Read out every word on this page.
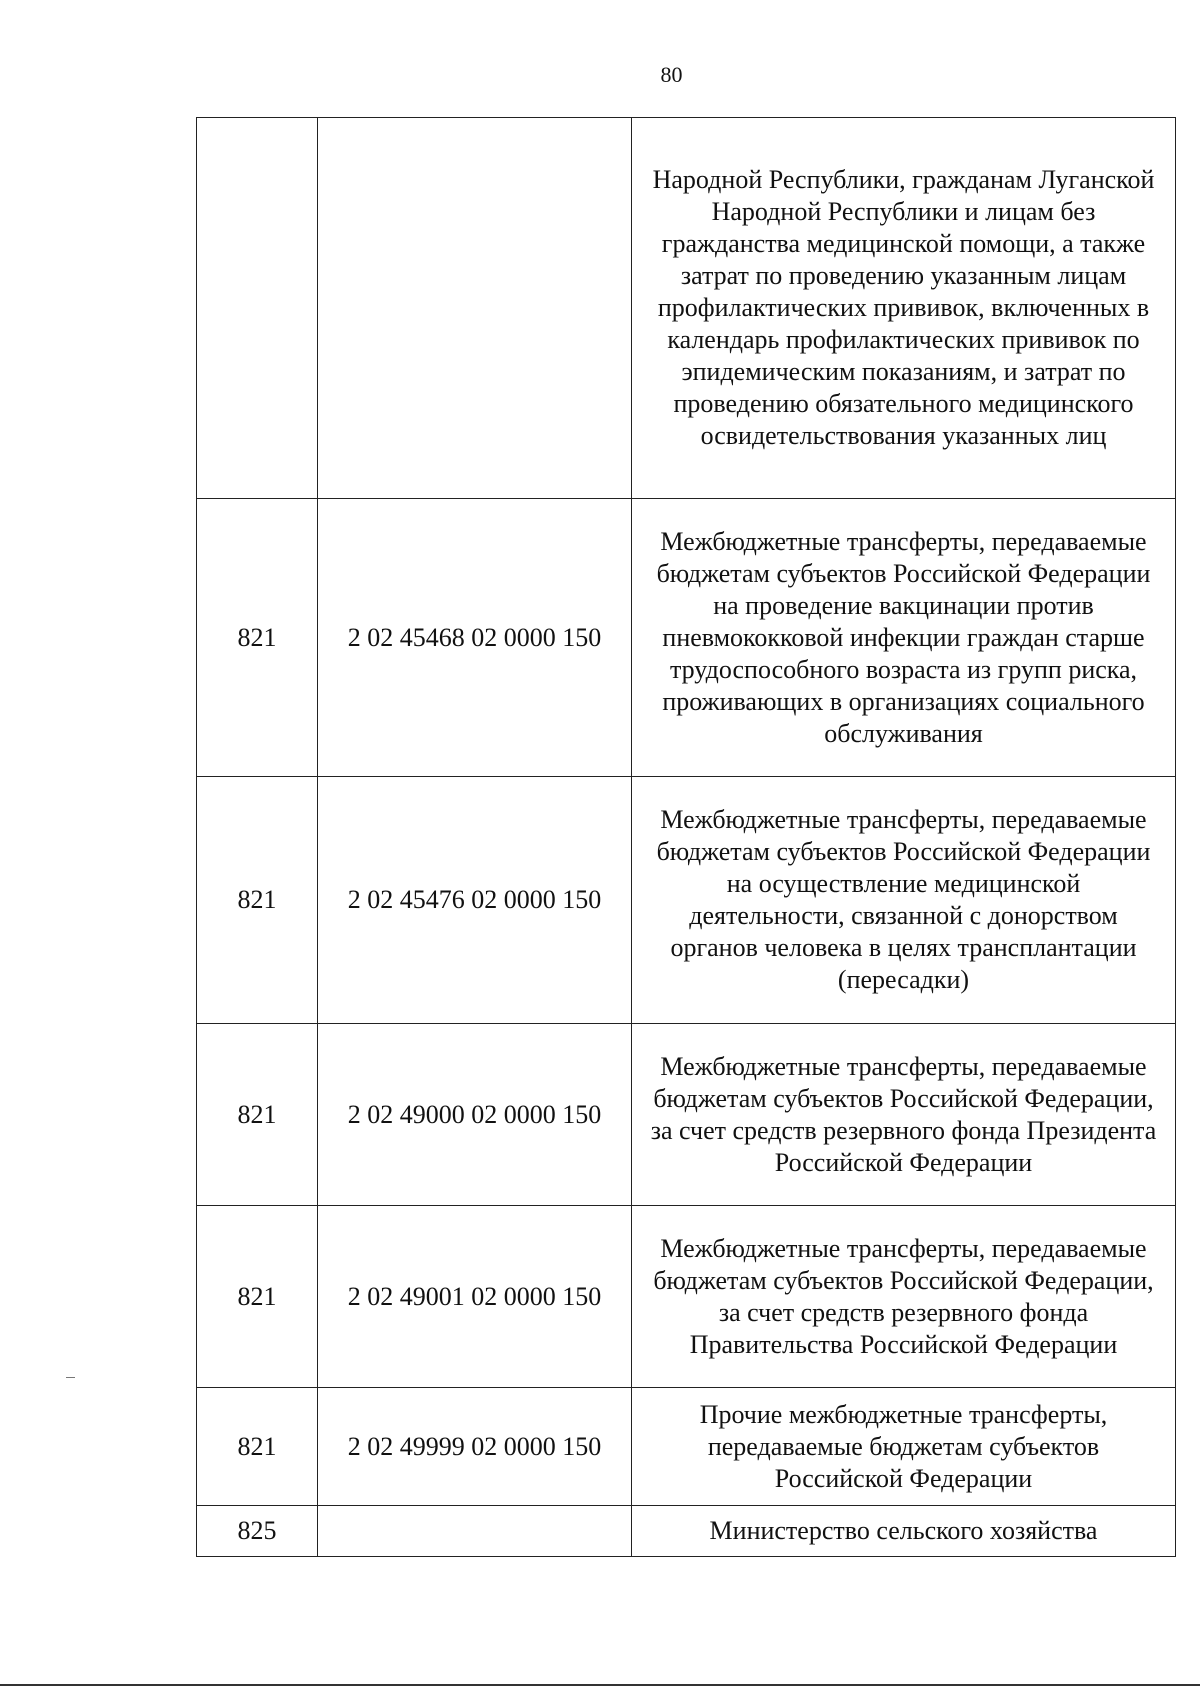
80
		Народной Республики, гражданам Луганской Народной Республики и лицам без гражданства медицинской помощи, а также затрат по проведению указанным лицам профилактических прививок, включенных в календарь профилактических прививок по эпидемическим показаниям, и затрат по проведению обязательного медицинского освидетельствования указанных лиц
821	2 02 45468 02 0000 150	Межбюджетные трансферты, передаваемые бюджетам субъектов Российской Федерации на проведение вакцинации против пневмококковой инфекции граждан старше трудоспособного возраста из групп риска, проживающих в организациях социального обслуживания
821	2 02 45476 02 0000 150	Межбюджетные трансферты, передаваемые бюджетам субъектов Российской Федерации на осуществление медицинской деятельности, связанной с донорством органов человека в целях трансплантации (пересадки)
821	2 02 49000 02 0000 150	Межбюджетные трансферты, передаваемые бюджетам субъектов Российской Федерации, за счет средств резервного фонда Президента Российской Федерации
821	2 02 49001 02 0000 150	Межбюджетные трансферты, передаваемые бюджетам субъектов Российской Федерации, за счет средств резервного фонда Правительства Российской Федерации
821	2 02 49999 02 0000 150	Прочие межбюджетные трансферты, передаваемые бюджетам субъектов Российской Федерации
825		Министерство сельского хозяйства
